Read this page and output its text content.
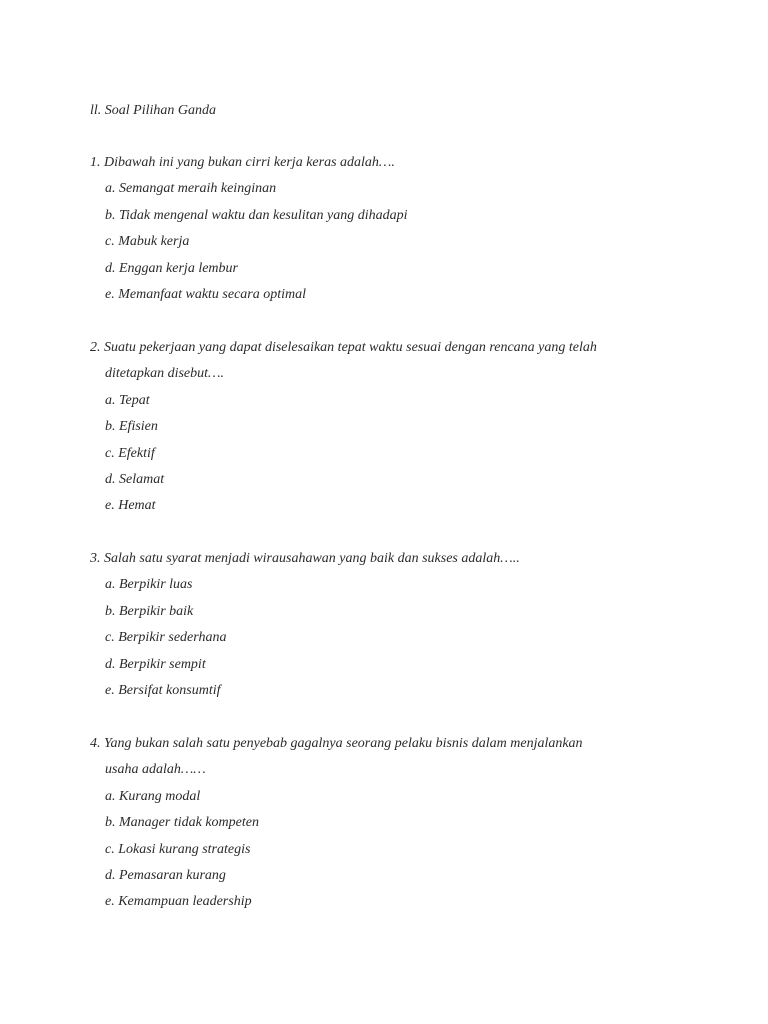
ll. Soal Pilihan Ganda
1. Dibawah ini yang bukan cirri kerja keras adalah….
a. Semangat meraih keinginan
b. Tidak mengenal waktu dan kesulitan yang dihadapi
c. Mabuk kerja
d. Enggan kerja lembur
e. Memanfaat waktu secara optimal
2. Suatu pekerjaan yang dapat diselesaikan tepat waktu sesuai dengan rencana yang telah
ditetapkan disebut….
a. Tepat
b. Efisien
c. Efektif
d. Selamat
e. Hemat
3. Salah satu syarat menjadi wirausahawan yang baik dan sukses adalah…..
a. Berpikir luas
b. Berpikir baik
c. Berpikir sederhana
d. Berpikir sempit
e. Bersifat konsumtif
4. Yang bukan salah satu penyebab gagalnya seorang pelaku bisnis dalam menjalankan
usaha adalah……
a. Kurang modal
b. Manager tidak kompeten
c. Lokasi kurang strategis
d. Pemasaran kurang
e. Kemampuan leadership
